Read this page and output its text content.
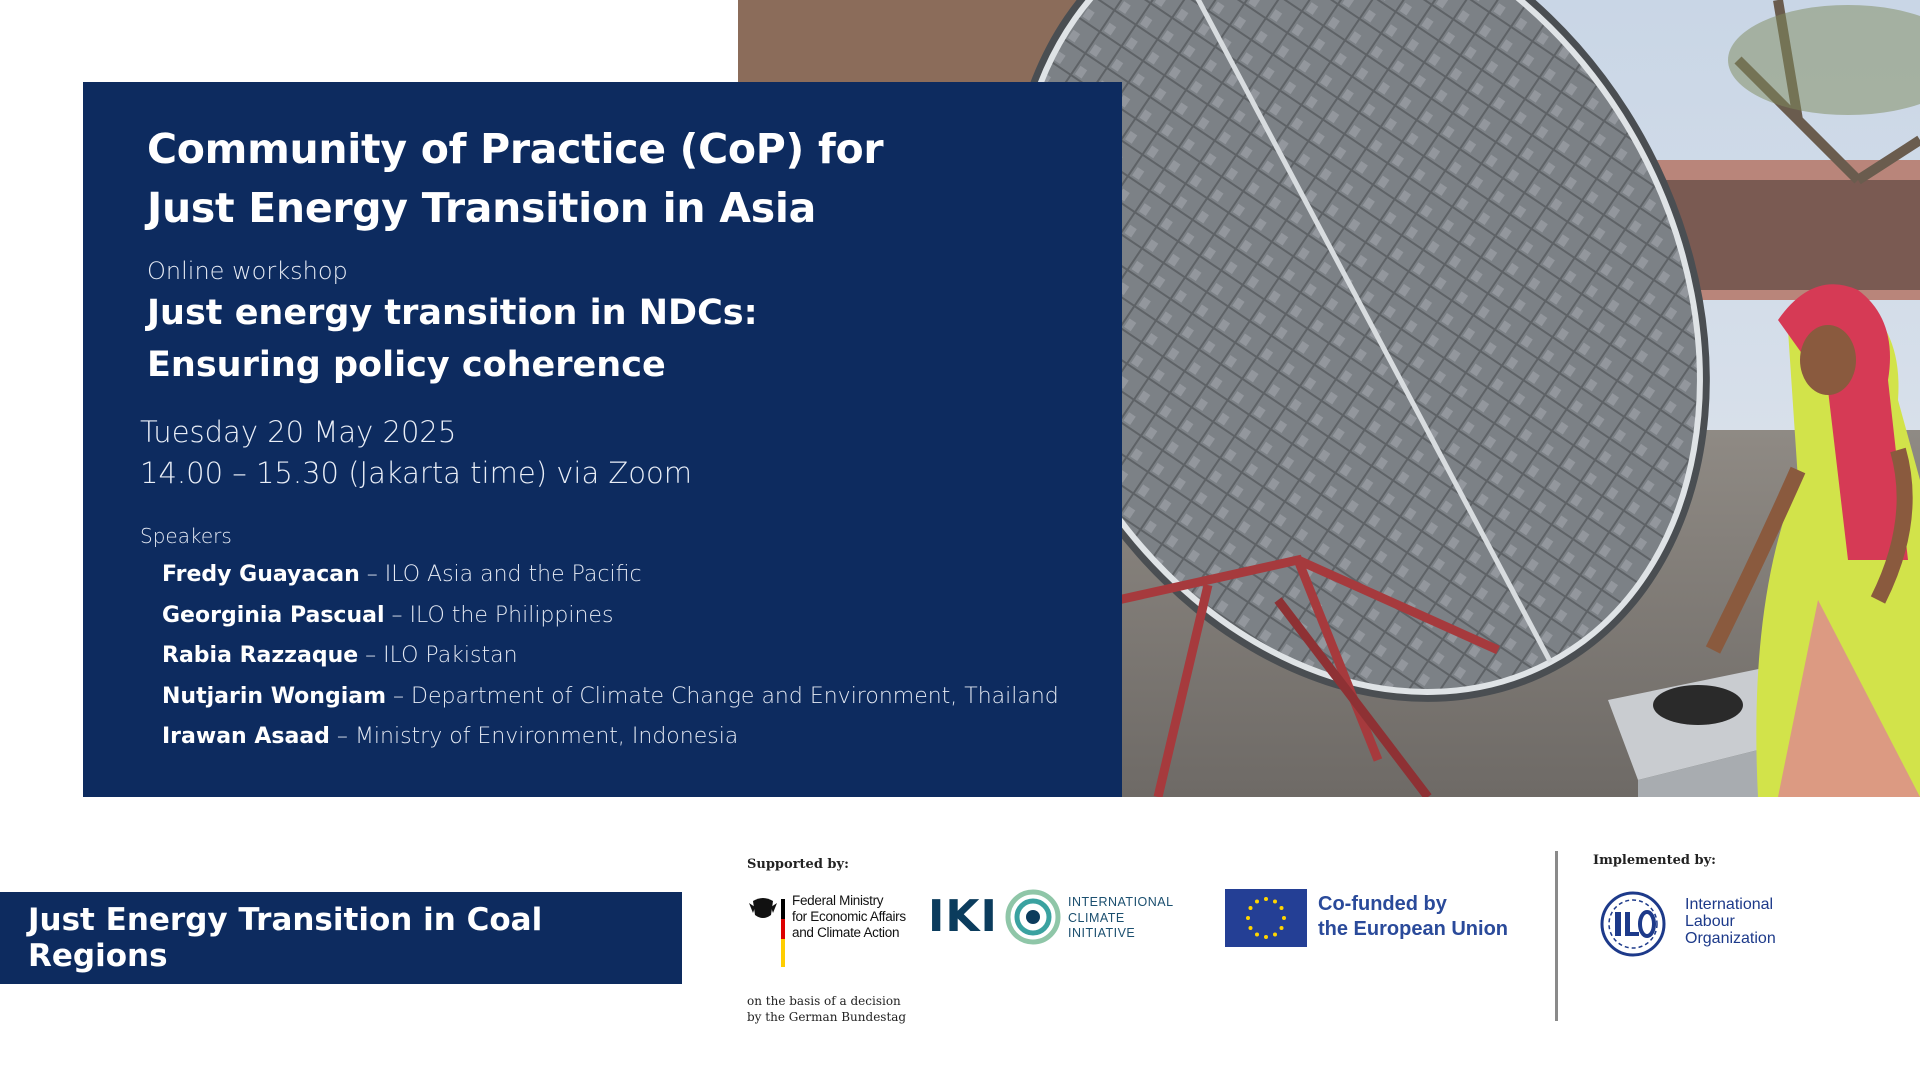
Community of Practice (CoP) for
Just Energy Transition in Asia
Online workshop
Just energy transition in NDCs:
Ensuring policy coherence
Tuesday 20 May 2025
14.00 – 15.30 (Jakarta time) via Zoom
Speakers
Fredy Guayacan – ILO Asia and the Pacific
Georginia Pascual – ILO the Philippines
Rabia Razzaque – ILO Pakistan
Nutjarin Wongiam – Department of Climate Change and Environment, Thailand
Irawan Asaad – Ministry of Environment, Indonesia
Just Energy Transition in Coal Regions
Supported by:
Federal Ministry
for Economic Affairs
and Climate Action
on the basis of a decision
by the German Bundestag
IKI	INTERNATIONAL
CLIMATE
INITIATIVE
Co-funded by
the European Union
Implemented by:
International
Labour
Organization
